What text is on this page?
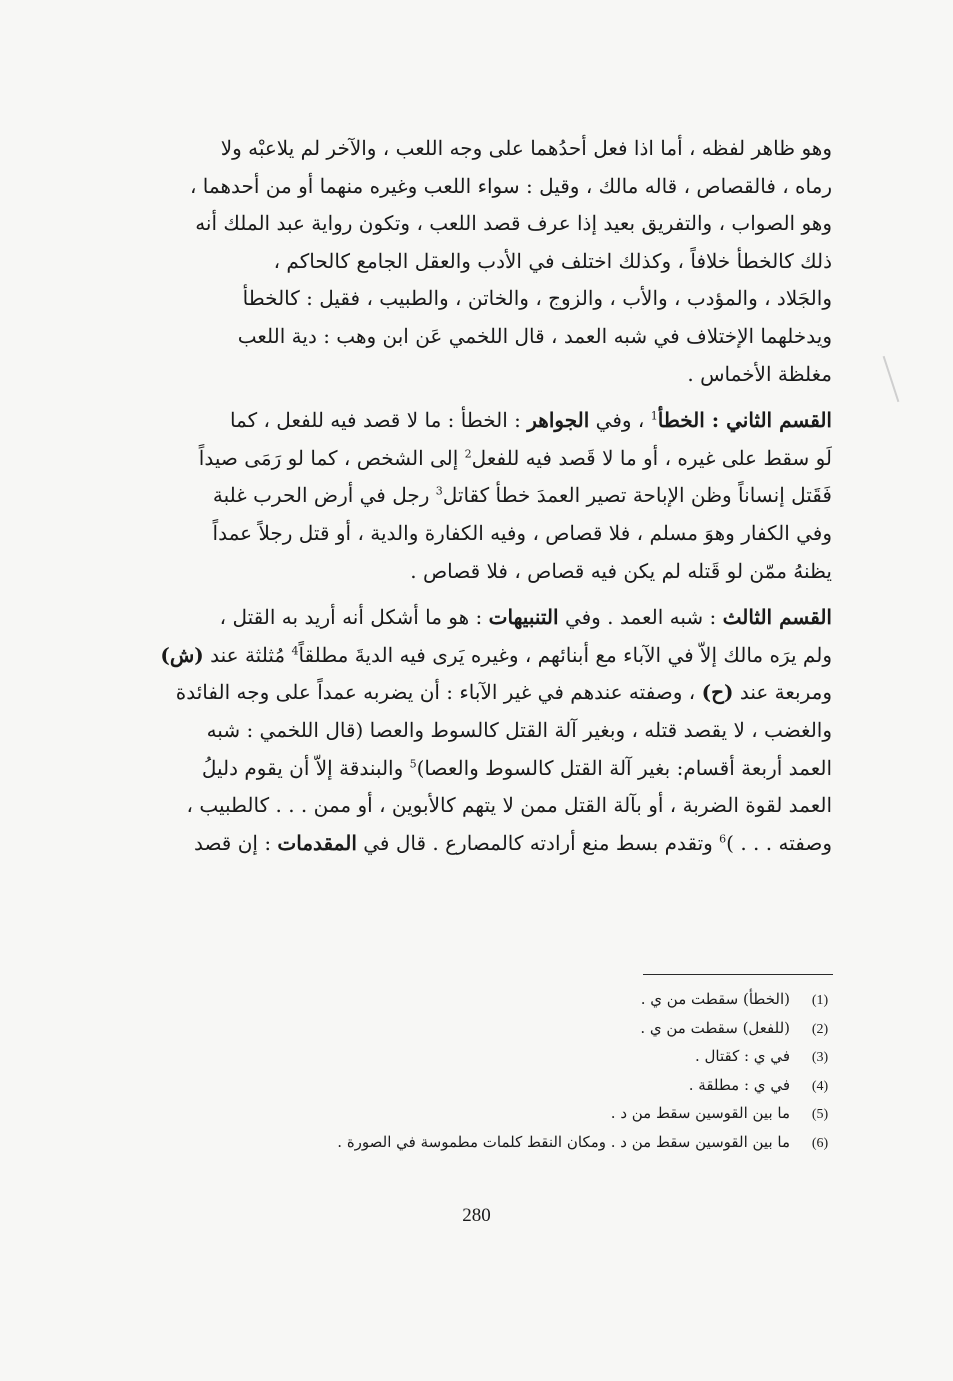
وهو ظاهر لفظه ، أما اذا فعل أحدُهما على وجه اللعب ، والآخر لم يلاعبْه ولا
رماه ، فالقصاص ، قاله مالك ، وقيل : سواء اللعب وغيره منهما أو من أحدهما ،
وهو الصواب ، والتفريق بعيد إذا عرف قصد اللعب ، وتكون رواية عبد الملك أنه
ذلك كالخطأ خلافاً ، وكذلك اختلف في الأدب والعقل الجامع كالحاكم ،
والجَلاد ، والمؤدب ، والأب ، والزوج ، والخاتن ، والطبيب ، فقيل : كالخطأ
ويدخلهما الإختلاف في شبه العمد ، قال اللخمي عَن ابن وهب : دية اللعب
مغلظة الأخماس .
القسم الثاني : الخطأ$^1$ ، وفي الجواهر : الخطأ : ما لا قصد فيه للفعل ، كما
لَو سقط على غيره ، أو ما لا قَصد فيه للفعل$^2$ إلى الشخص ، كما لو رَمَى صيداً
فَقَتل إنساناً وظن الإباحة تصير العمدَ خطأ كقاتل$^3$ رجل في أرض الحرب غلبة
وفي الكفار وهوَ مسلم ، فلا قصاص ، وفيه الكفارة والدية ، أو قتل رجلاً عمداً
يظنهُ ممّن لو قَتله لم يكن فيه قصاص ، فلا قصاص .
القسم الثالث : شبه العمد . وفي التنبيهات : هو ما أشكل أنه أريد به القتل ،
ولم يرَه مالك إلاّ في الآباء مع أبنائهم ، وغيره يَرى فيه الديةَ مطلقاً$^4$ مُثلثة عند (ش)
ومربعة عند (ح) ، وصفته عندهم في غير الآباء : أن يضربه عمداً على وجه الفائدة
والغضب ، لا يقصد قتله ، وبغير آلة القتل كالسوط والعصا (قال اللخمي : شبه
العمد أربعة أقسام: بغير آلة القتل كالسوط والعصا)$^5$ والبندقة إلاّ أن يقوم دليلُ
العمد لقوة الضربة ، أو بآلة القتل ممن لا يتهم كالأبوين ، أو ممن . . . كالطبيب ،
وصفته . . . )$^6$ وتقدم بسط منع أرادته كالمصارع . قال في المقدمات : إن قصد
(1)
(الخطأ) سقطت من ي .
(2)
(للفعل) سقطت من ي .
(3)
في ي : كقتال .
(4)
في ي : مطلقة .
(5)
ما بين القوسين سقط من د .
(6)
ما بين القوسين سقط من د . ومكان النقط كلمات مطموسة في الصورة .
280
